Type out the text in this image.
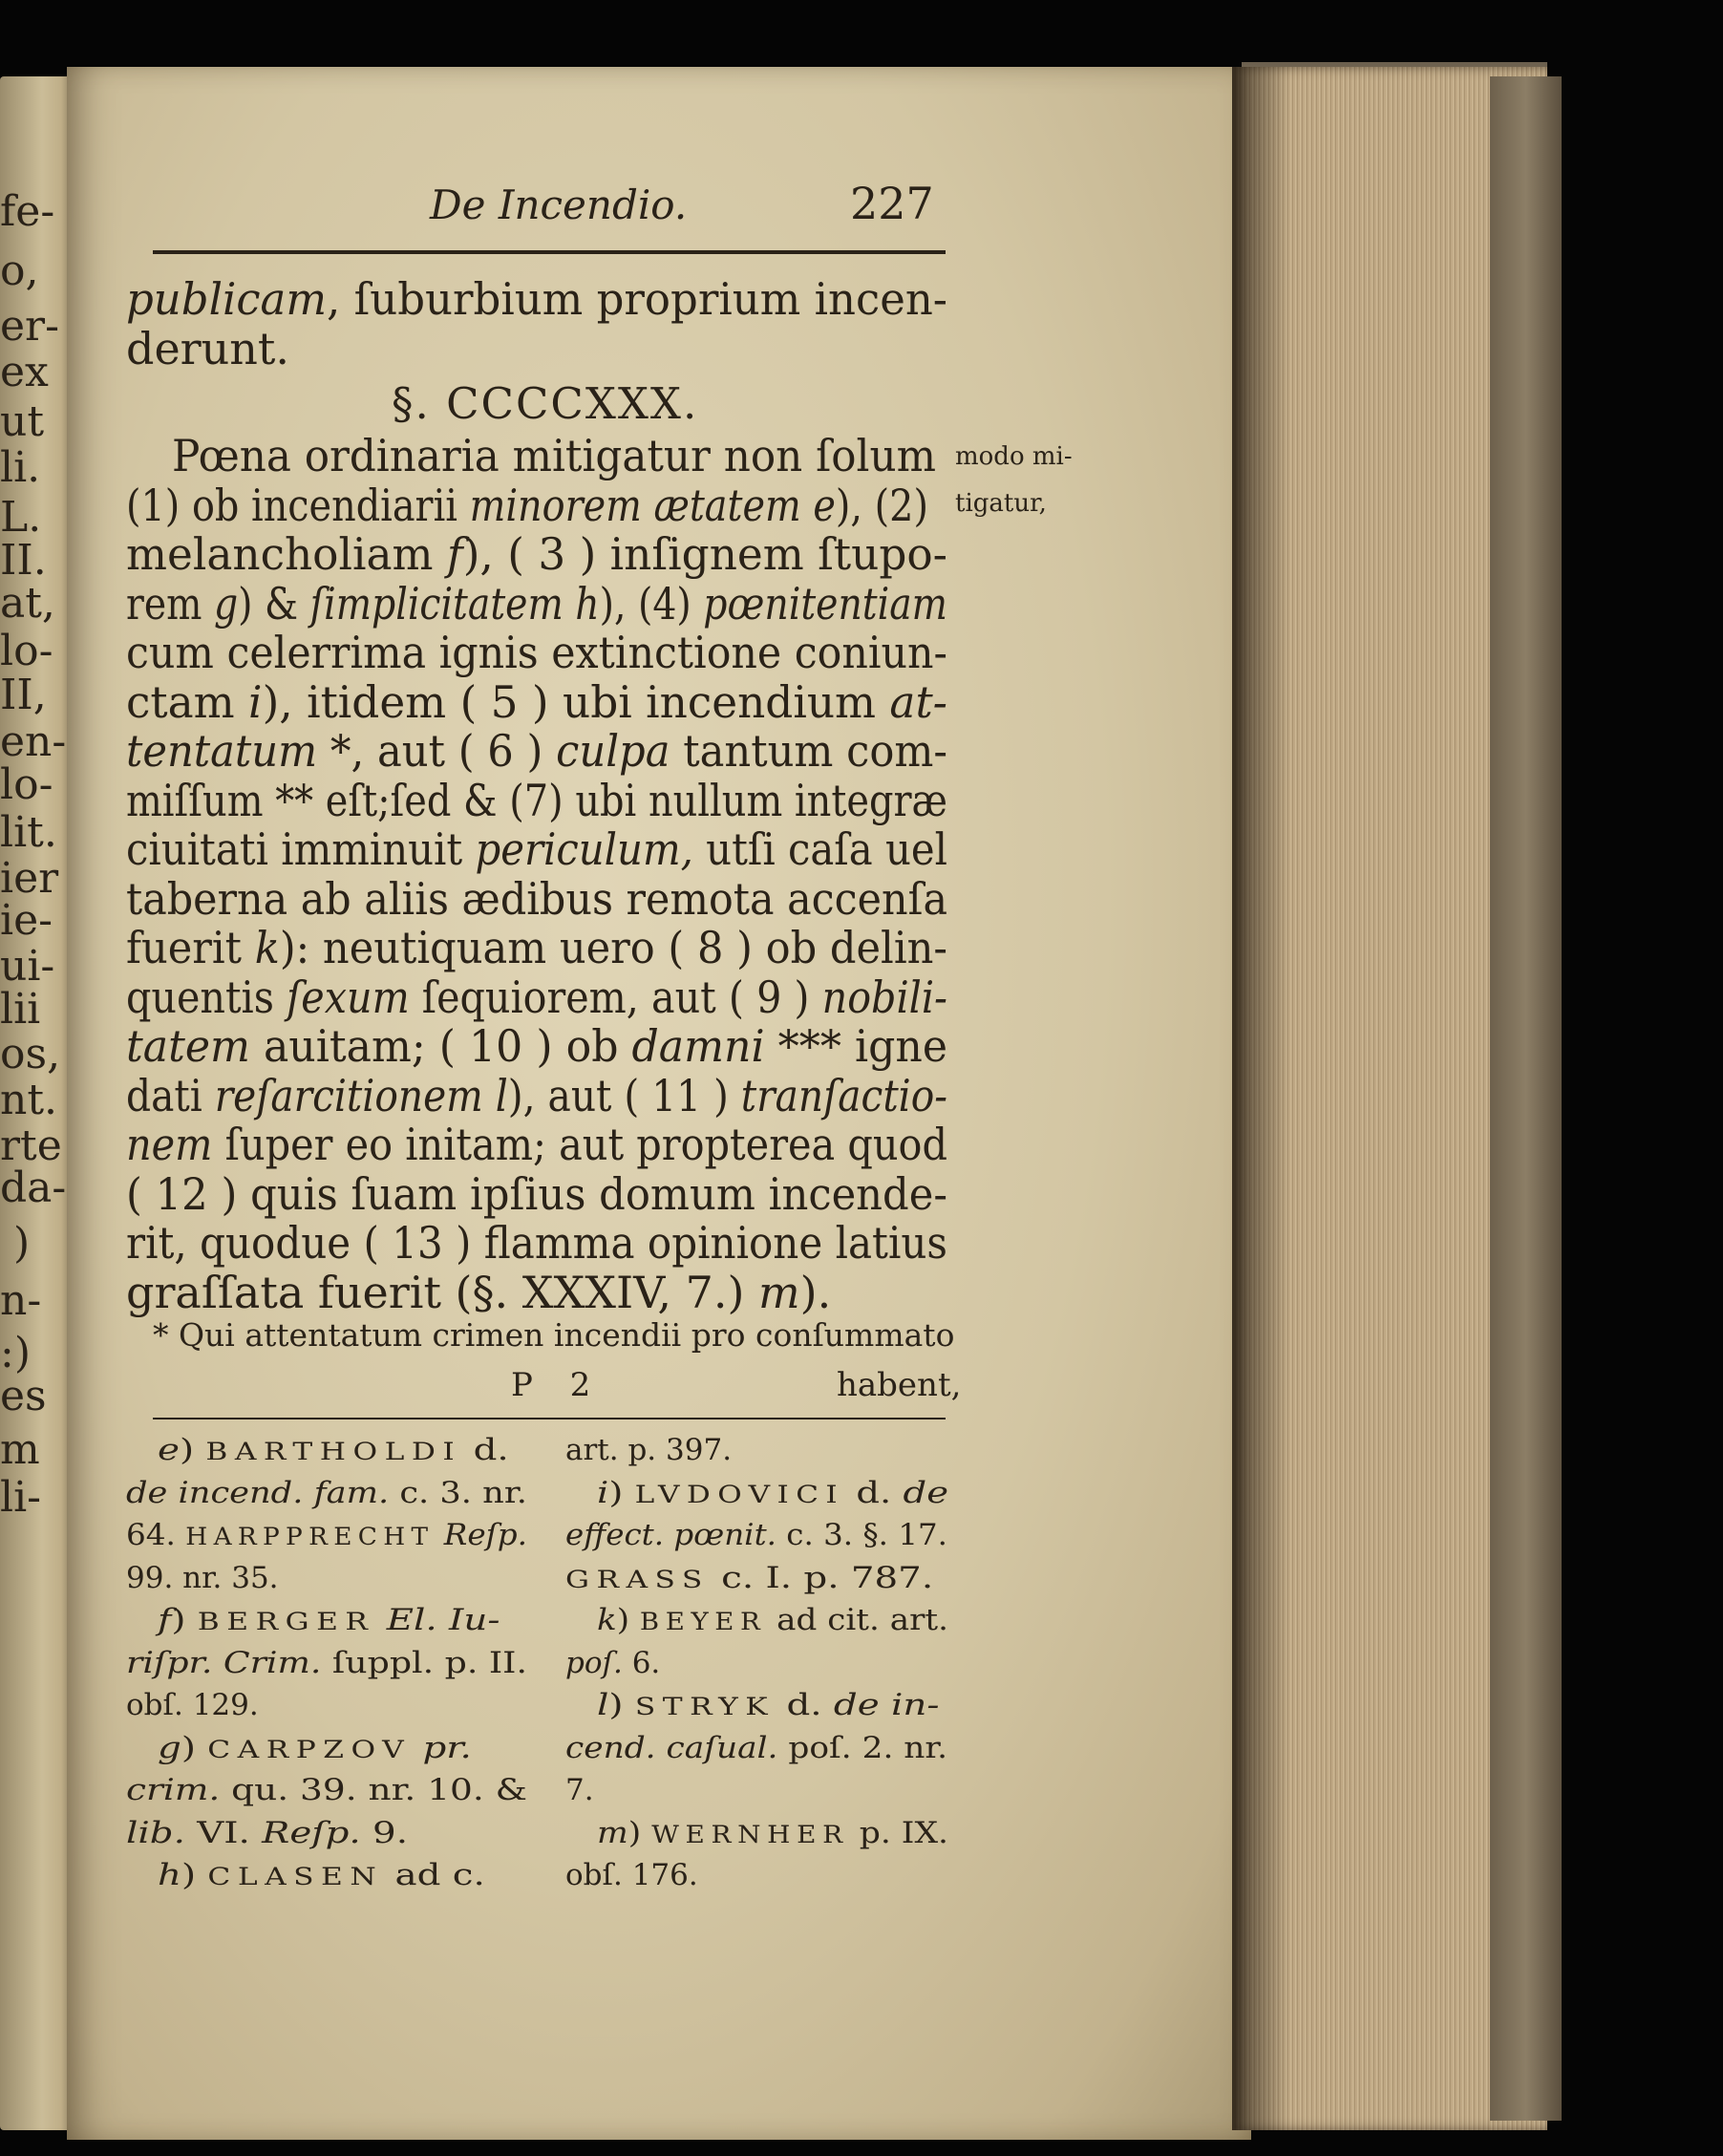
fe-
o,
er-
ex
ut
li.
L.
II.
at,
lo-
II,
en-
lo-
lit.
ier
ie-
ui-
lii
os,
nt.
rte
da-
)
n-
:)
es
m
li-
De Incendio.	227
publicam, ſuburbium proprium incen-
derunt.
§. CCCCXXX.
Pœna ordinaria mitigatur non ſolum
(1) ob incendiarii minorem ætatem e), (2)
melancholiam f), ( 3 ) inſignem ſtupo-
rem g) & ſimplicitatem h), (4) pœnitentiam
cum celerrima ignis extinctione coniun-
ctam i), itidem ( 5 ) ubi incendium at-
tentatum *, aut ( 6 ) culpa tantum com-
miſſum ** eſt;ſed & (7) ubi nullum integræ
ciuitati imminuit periculum, utſi caſa uel
taberna ab aliis ædibus remota accenſa
fuerit k): neutiquam uero ( 8 ) ob delin-
quentis ſexum ſequiorem, aut ( 9 ) nobili-
tatem auitam; ( 10 ) ob damni *** igne
dati reſarcitionem l), aut ( 11 ) tranſactio-
nem ſuper eo initam; aut propterea quod
( 12 ) quis ſuam ipſius domum incende-
rit, quodue ( 13 ) flamma opinione latius
graſſata fuerit (§. XXXIV, 7.) m).
modo mi-
tigatur,
* Qui attentatum crimen incendii pro conſummato
P 2	habent,
e) BARTHOLDI d.
de incend. fam. c. 3. nr.
64. HARPPRECHT Reſp.
99. nr. 35.
f) BERGER El. Iu-
riſpr. Crim. ſuppl. p. II.
obſ. 129.
g) CARPZOV pr.
crim. qu. 39. nr. 10. &
lib. VI. Reſp. 9.
h) CLASEN ad c.
art. p. 397.
i) LVDOVICI d. de
effect. pœnit. c. 3. §. 17.
GRASS c. I. p. 787.
k) BEYER ad cit. art.
poſ. 6.
l) STRYK d. de in-
cend. caſual. poſ. 2. nr.
7.
m) WERNHER p. IX.
obſ. 176.
